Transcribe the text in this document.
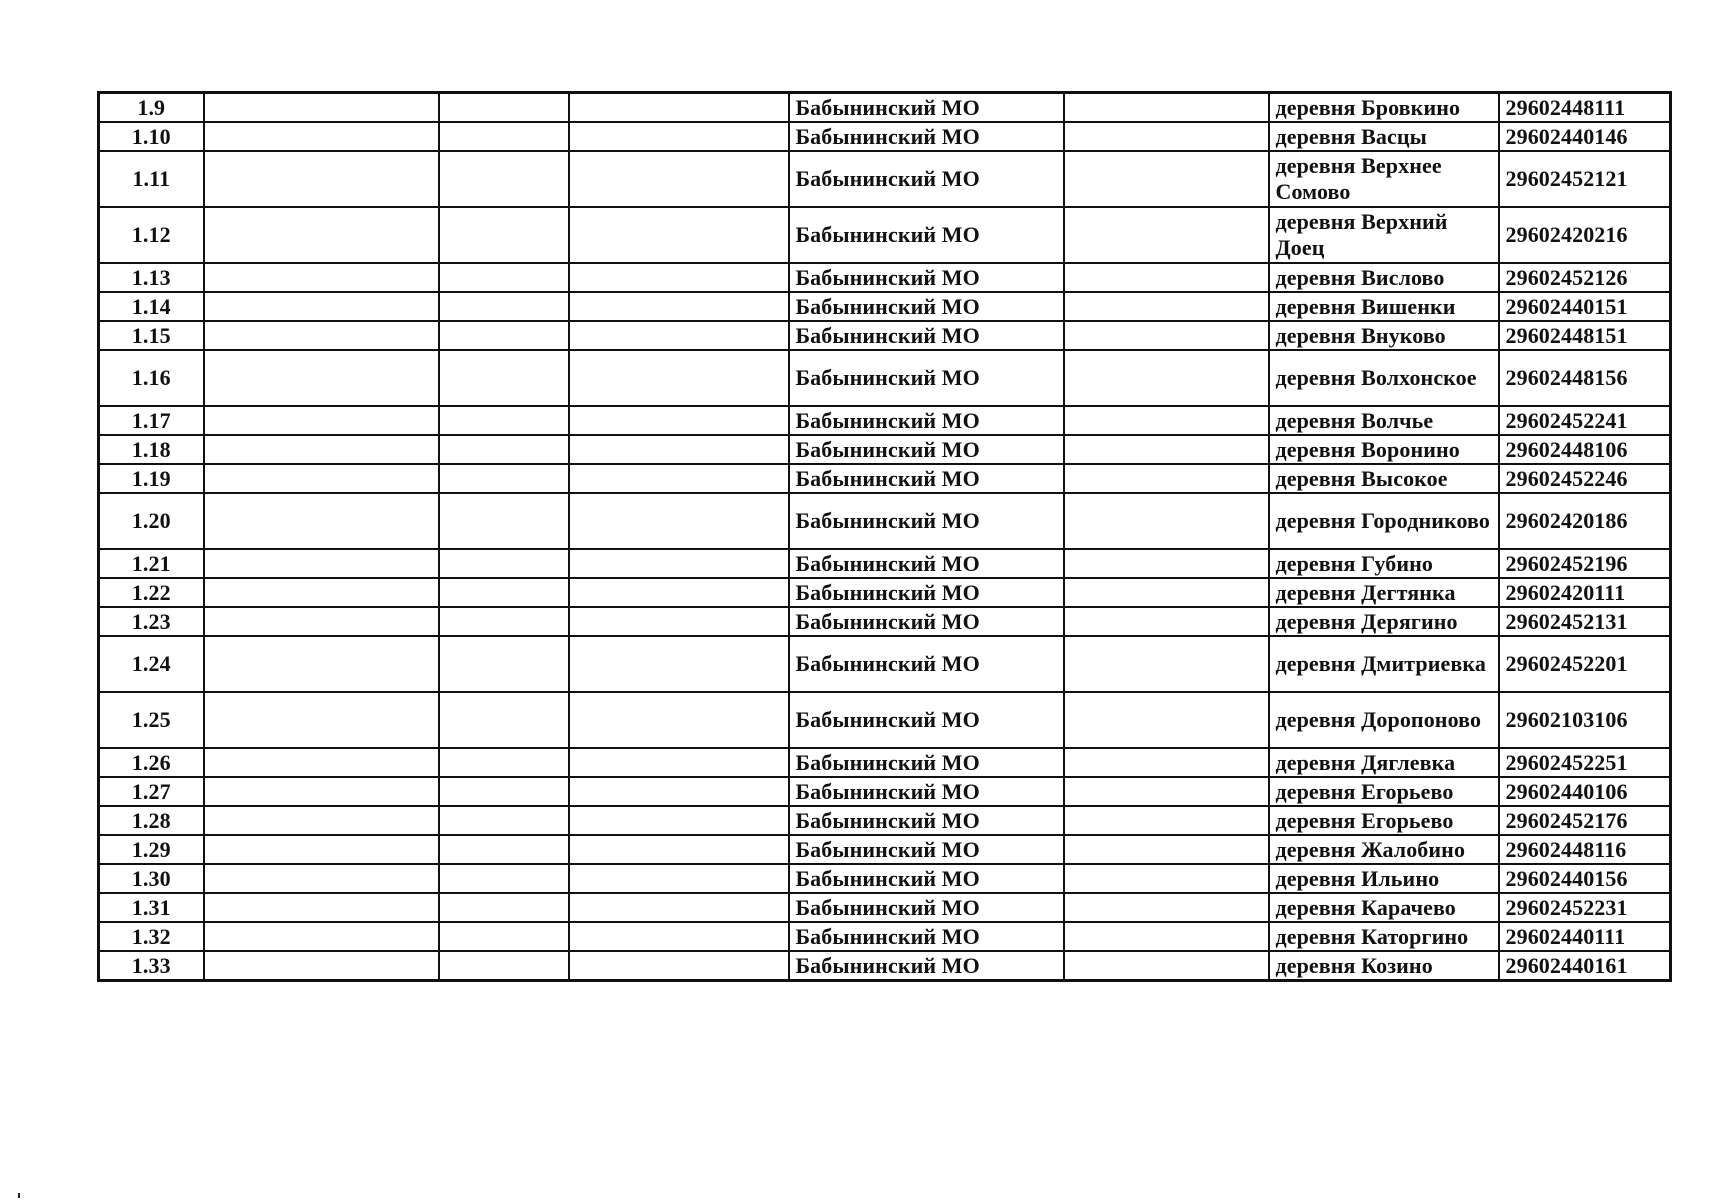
1.9				Бабынинский МО		деревня Бровкино	29602448111
1.10				Бабынинский МО		деревня Васцы	29602440146
1.11				Бабынинский МО		деревня Верхнее Сомово	29602452121
1.12				Бабынинский МО		деревня Верхний Доец	29602420216
1.13				Бабынинский МО		деревня Вислово	29602452126
1.14				Бабынинский МО		деревня Вишенки	29602440151
1.15				Бабынинский МО		деревня Внуково	29602448151
1.16				Бабынинский МО		деревня Волхонское	29602448156
1.17				Бабынинский МО		деревня Волчье	29602452241
1.18				Бабынинский МО		деревня Воронино	29602448106
1.19				Бабынинский МО		деревня Высокое	29602452246
1.20				Бабынинский МО		деревня Городниково	29602420186
1.21				Бабынинский МО		деревня Губино	29602452196
1.22				Бабынинский МО		деревня Дегтянка	29602420111
1.23				Бабынинский МО		деревня Дерягино	29602452131
1.24				Бабынинский МО		деревня Дмитриевка	29602452201
1.25				Бабынинский МО		деревня Доропоново	29602103106
1.26				Бабынинский МО		деревня Дяглевка	29602452251
1.27				Бабынинский МО		деревня Егорьево	29602440106
1.28				Бабынинский МО		деревня Егорьево	29602452176
1.29				Бабынинский МО		деревня Жалобино	29602448116
1.30				Бабынинский МО		деревня Ильино	29602440156
1.31				Бабынинский МО		деревня Карачево	29602452231
1.32				Бабынинский МО		деревня Каторгино	29602440111
1.33				Бабынинский МО		деревня Козино	29602440161
